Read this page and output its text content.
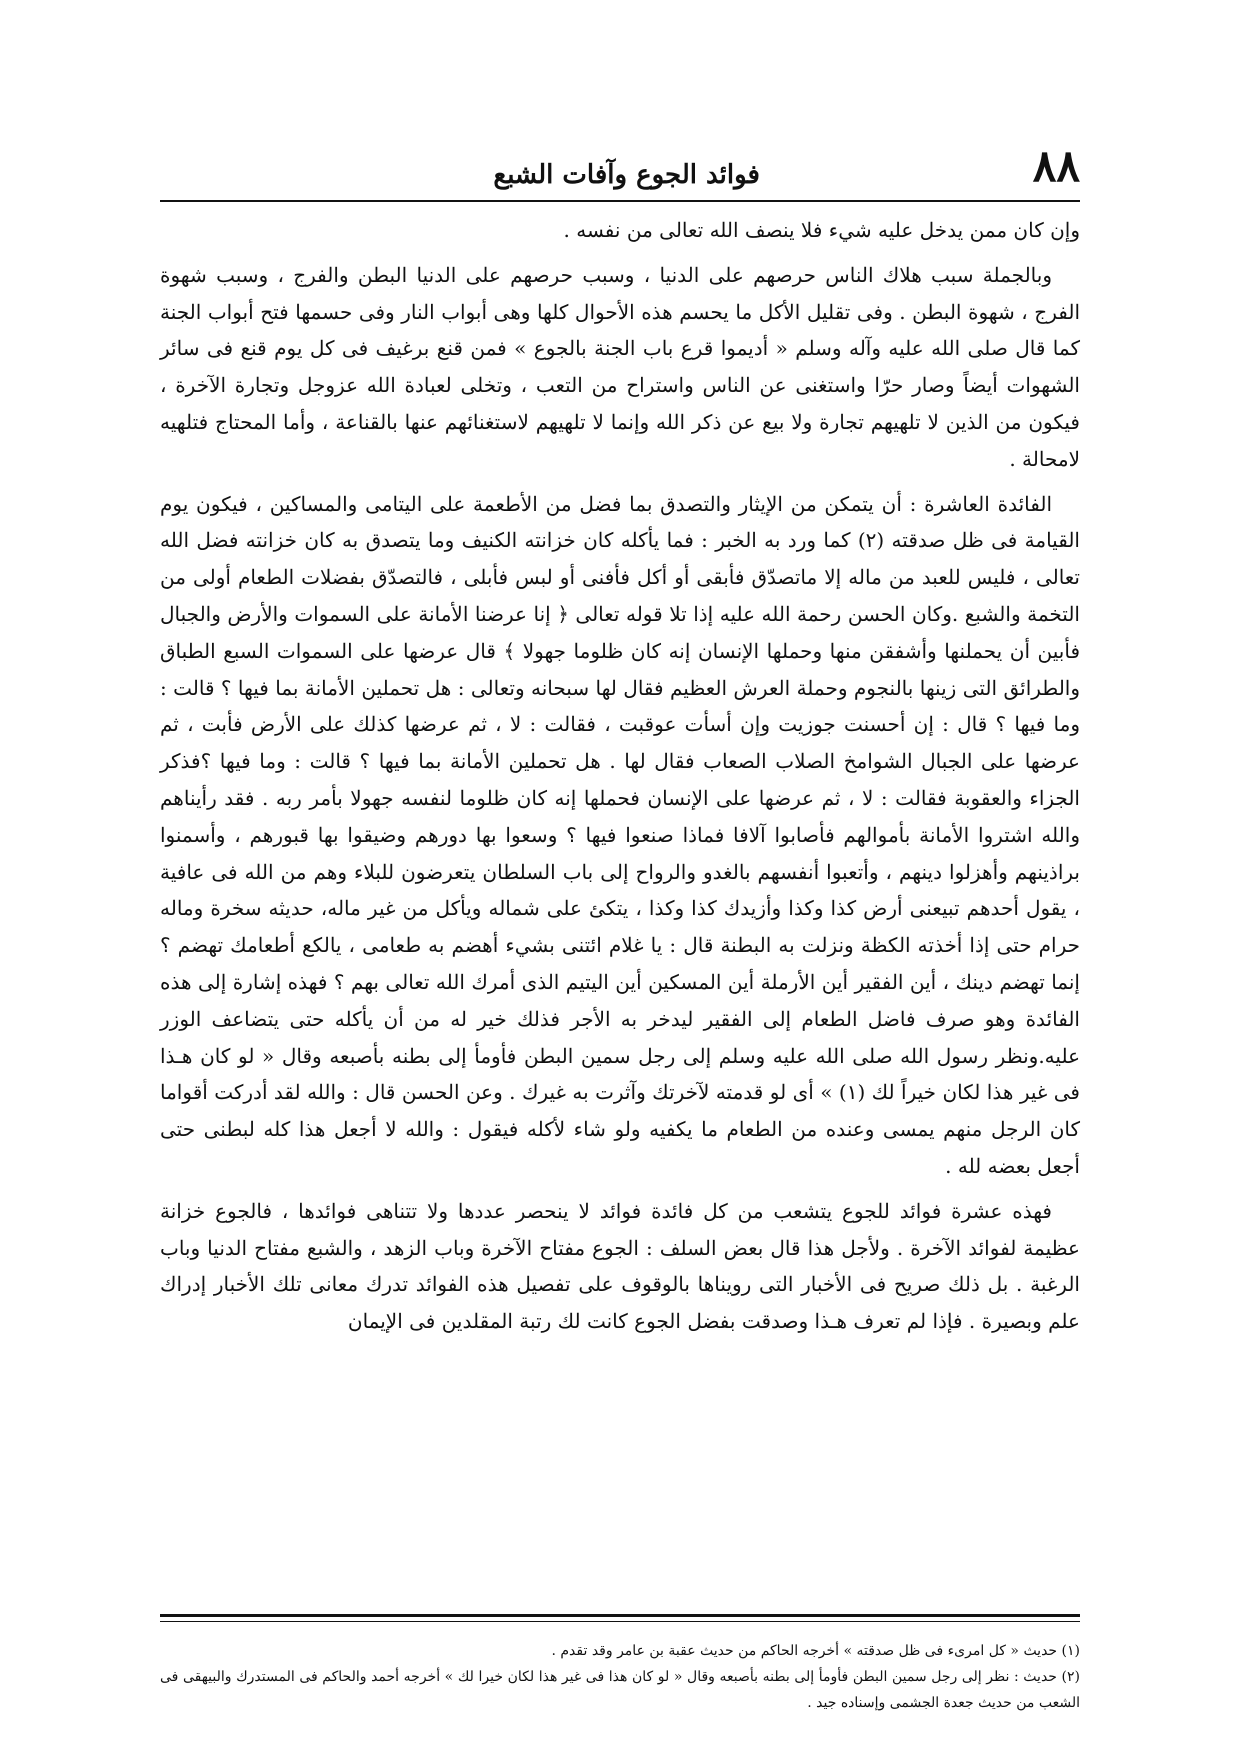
٨٨
فوائد الجوع وآفات الشبع

وإن كان ممن يدخل عليه شيء فلا ينصف الله تعالى من نفسه .

وبالجملة سبب هلاك الناس حرصهم على الدنيا ، وسبب حرصهم على الدنيا البطن والفرج ، وسبب شهوة الفرج ، شهوة البطن . وفى تقليل الأكل ما يحسم هذه الأحوال كلها وهى أبواب النار وفى حسمها فتح أبواب الجنة كما قال صلى الله عليه وآله وسلم « أديموا قرع باب الجنة بالجوع » فمن قنع برغيف فى كل يوم قنع فى سائر الشهوات أيضاً وصار حرّا واستغنى عن الناس واستراح من التعب ، وتخلى لعبادة الله عزوجل وتجارة الآخرة ، فيكون من الذين لا تلهيهم تجارة ولا بيع عن ذكر الله وإنما لا تلهيهم لاستغنائهم عنها بالقناعة ، وأما المحتاج فتلهيه لامحالة .

الفائدة العاشرة : أن يتمكن من الإيثار والتصدق بما فضل من الأطعمة على اليتامى والمساكين ، فيكون يوم القيامة فى ظل صدقته (٢) كما ورد به الخبر : فما يأكله كان خزانته الكنيف وما يتصدق به كان خزانته فضل الله تعالى ، فليس للعبد من ماله إلا ماتصدّق فأبقى أو أكل فأفنى أو لبس فأبلى ، فالتصدّق بفضلات الطعام أولى من التخمة والشبع .وكان الحسن رحمة الله عليه إذا تلا قوله تعالى ﴿ إنا عرضنا الأمانة على السموات والأرض والجبال فأبين أن يحملنها وأشفقن منها وحملها الإنسان إنه كان ظلوما جهولا ﴾ قال عرضها على السموات السبع الطباق والطرائق التى زينها بالنجوم وحملة العرش العظيم فقال لها سبحانه وتعالى : هل تحملين الأمانة بما فيها ؟ قالت : وما فيها ؟ قال : إن أحسنت جوزيت وإن أسأت عوقبت ، فقالت : لا ، ثم عرضها كذلك على الأرض فأبت ، ثم عرضها على الجبال الشوامخ الصلاب الصعاب فقال لها . هل تحملين الأمانة بما فيها ؟ قالت : وما فيها ؟فذكر الجزاء والعقوبة فقالت : لا ، ثم عرضها على الإنسان فحملها إنه كان ظلوما لنفسه جهولا بأمر ربه . فقد رأيناهم والله اشتروا الأمانة بأموالهم فأصابوا آلافا فماذا صنعوا فيها ؟ وسعوا بها دورهم وضيقوا بها قبورهم ، وأسمنوا براذينهم وأهزلوا دينهم ، وأتعبوا أنفسهم بالغدو والرواح إلى باب السلطان يتعرضون للبلاء وهم من الله فى عافية ، يقول أحدهم تبيعنى أرض كذا وكذا وأزيدك كذا وكذا ، يتكئ على شماله ويأكل من غير ماله، حديثه سخرة وماله حرام حتى إذا أخذته الكظة ونزلت به البطنة قال : يا غلام ائتنى بشيء أهضم به طعامى ، يالكع أطعامك تهضم ؟ إنما تهضم دينك ، أين الفقير أين الأرملة أين المسكين أين اليتيم الذى أمرك الله تعالى بهم ؟ فهذه إشارة إلى هذه الفائدة وهو صرف فاضل الطعام إلى الفقير ليدخر به الأجر فذلك خير له من أن يأكله حتى يتضاعف الوزر عليه.ونظر رسول الله صلى الله عليه وسلم إلى رجل سمين البطن فأومأ إلى بطنه بأصبعه وقال « لو كان هـذا فى غير هذا لكان خيراً لك (١) » أى لو قدمته لآخرتك وآثرت به غيرك . وعن الحسن قال : والله لقد أدركت أقواما كان الرجل منهم يمسى وعنده من الطعام ما يكفيه ولو شاء لأكله فيقول : والله لا أجعل هذا كله لبطنى حتى أجعل بعضه لله .

فهذه عشرة فوائد للجوع يتشعب من كل فائدة فوائد لا ينحصر عددها ولا تتناهى فوائدها ، فالجوع خزانة عظيمة لفوائد الآخرة . ولأجل هذا قال بعض السلف : الجوع مفتاح الآخرة وباب الزهد ، والشبع مفتاح الدنيا وباب الرغبة . بل ذلك صريح فى الأخبار التى رويناها بالوقوف على تفصيل هذه الفوائد تدرك معانى تلك الأخبار إدراك علم وبصيرة . فإذا لم تعرف هـذا وصدقت بفضل الجوع كانت لك رتبة المقلدين فى الإيمان

(١) حديث « كل امرىء فى ظل صدقته » أخرجه الحاكم من حديث عقبة بن عامر وقد تقدم .

(٢) حديث : نظر إلى رجل سمين البطن فأومأ إلى بطنه بأصبعه وقال « لو كان هذا فى غير هذا لكان خيرا لك » أخرجه أحمد والحاكم فى المستدرك والبيهقى فى الشعب من حديث جعدة الجشمى وإسناده جيد .
